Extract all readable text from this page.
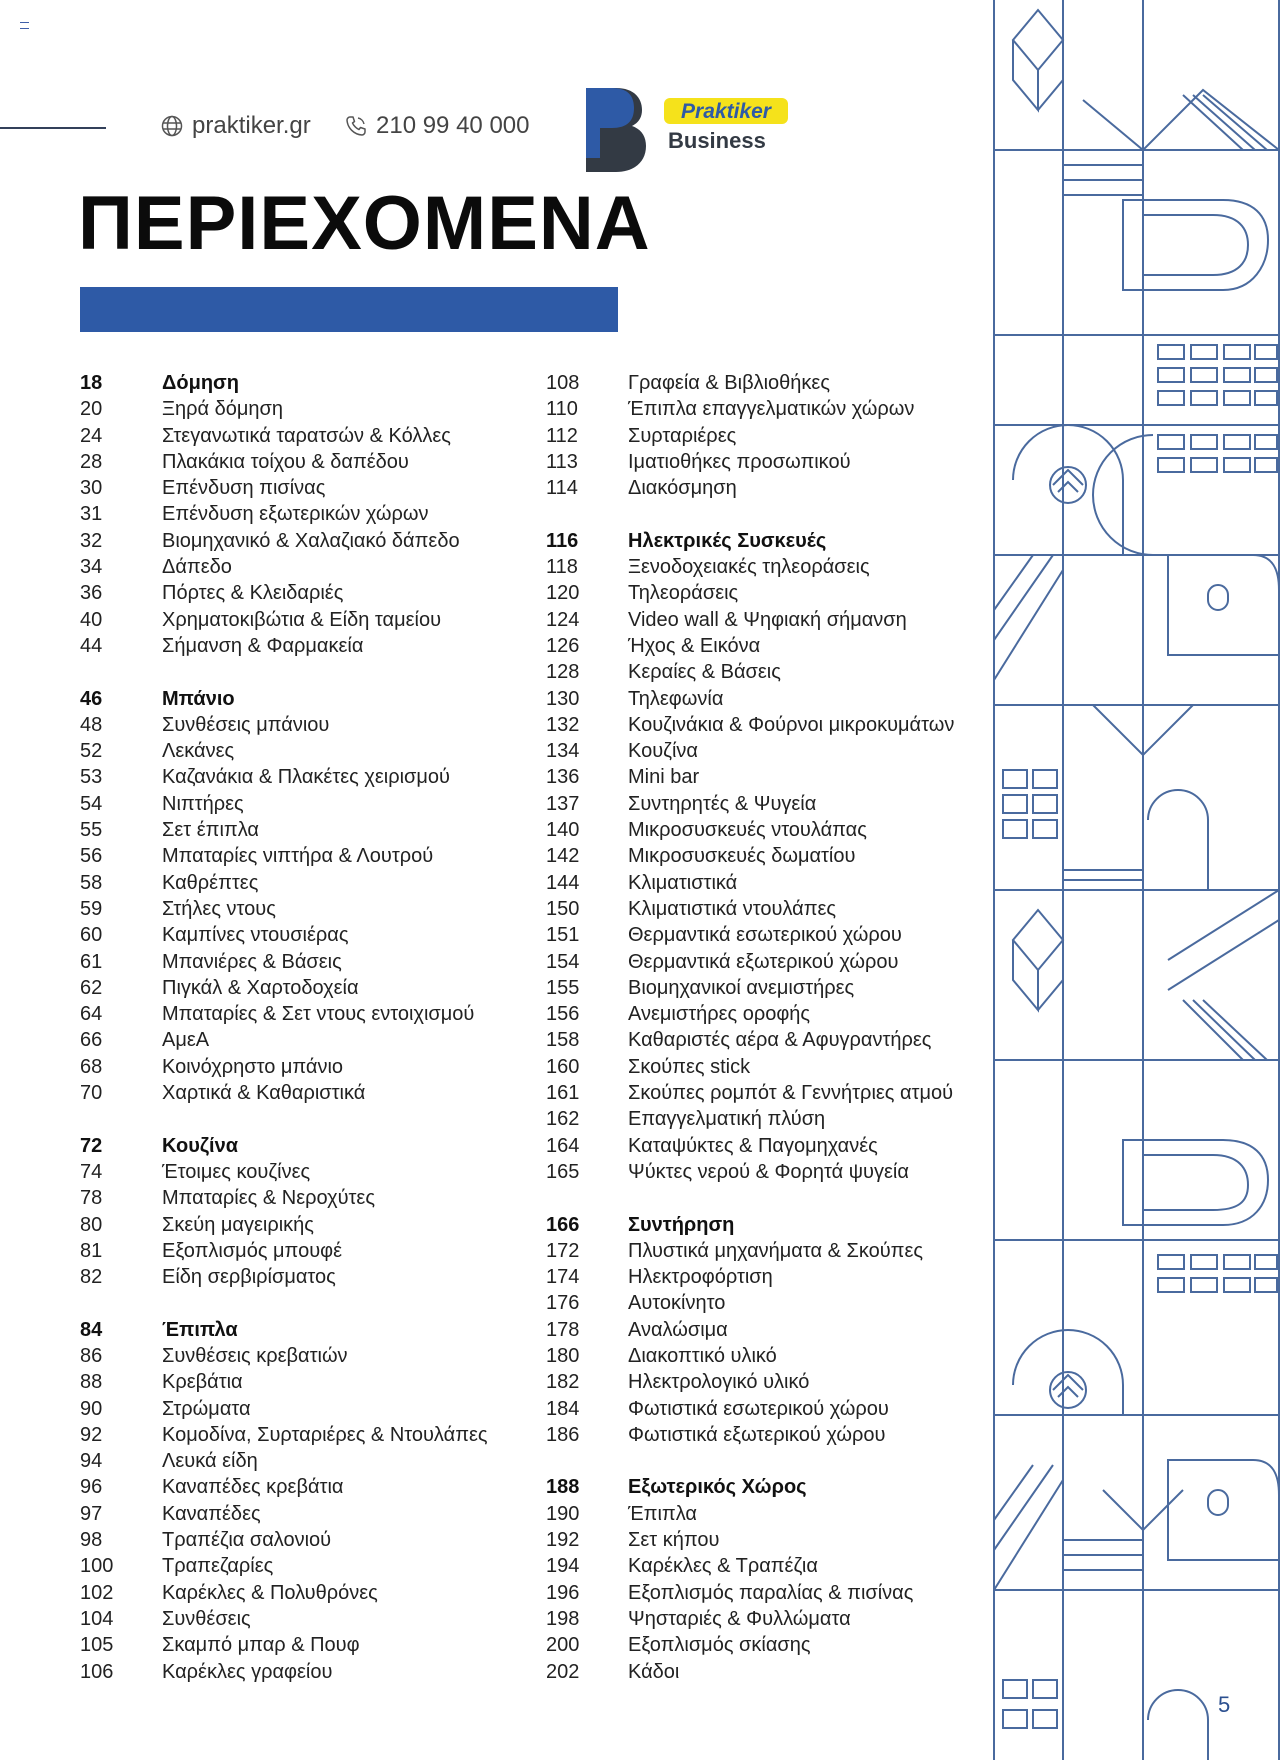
praktiker.gr	210 99 40 000
Praktiker
Business
ΠΕΡΙΕΧΟΜΕΝΑ
18	Δόμηση
20	Ξηρά δόμηση
24	Στεγανωτικά ταρατσών & Κόλλες
28	Πλακάκια τοίχου & δαπέδου
30	Επένδυση πισίνας
31	Επένδυση εξωτερικών χώρων
32	Βιομηχανικό & Χαλαζιακό δάπεδο
34	Δάπεδο
36	Πόρτες & Κλειδαριές
40	Χρηματοκιβώτια & Είδη ταμείου
44	Σήμανση & Φαρμακεία
46	Μπάνιο
48	Συνθέσεις μπάνιου
52	Λεκάνες
53	Καζανάκια & Πλακέτες χειρισμού
54	Νιπτήρες
55	Σετ έπιπλα
56	Μπαταρίες νιπτήρα & Λουτρού
58	Καθρέπτες
59	Στήλες ντους
60	Καμπίνες ντουσιέρας
61	Μπανιέρες & Βάσεις
62	Πιγκάλ & Χαρτοδοχεία
64	Μπαταρίες & Σετ ντους εντοιχισμού
66	ΑμεΑ
68	Κοινόχρηστο μπάνιο
70	Χαρτικά & Καθαριστικά
72	Κουζίνα
74	Έτοιμες κουζίνες
78	Μπαταρίες & Νεροχύτες
80	Σκεύη μαγειρικής
81	Εξοπλισμός μπουφέ
82	Είδη σερβιρίσματος
84	Έπιπλα
86	Συνθέσεις κρεβατιών
88	Κρεβάτια
90	Στρώματα
92	Κομοδίνα, Συρταριέρες & Ντουλάπες
94	Λευκά είδη
96	Καναπέδες κρεβάτια
97	Καναπέδες
98	Τραπέζια σαλονιού
100	Τραπεζαρίες
102	Καρέκλες & Πολυθρόνες
104	Συνθέσεις
105	Σκαμπό μπαρ & Πουφ
106	Καρέκλες γραφείου
108	Γραφεία & Βιβλιοθήκες
110	Έπιπλα επαγγελματικών χώρων
112	Συρταριέρες
113	Ιματιοθήκες προσωπικού
114	Διακόσμηση
116	Ηλεκτρικές Συσκευές
118	Ξενοδοχειακές τηλεοράσεις
120	Τηλεοράσεις
124	Video wall & Ψηφιακή σήμανση
126	Ήχος & Εικόνα
128	Κεραίες & Βάσεις
130	Τηλεφωνία
132	Κουζινάκια & Φούρνοι μικροκυμάτων
134	Κουζίνα
136	Mini bar
137	Συντηρητές & Ψυγεία
140	Μικροσυσκευές ντουλάπας
142	Μικροσυσκευές δωματίου
144	Κλιματιστικά
150	Κλιματιστικά ντουλάπες
151	Θερμαντικά εσωτερικού χώρου
154	Θερμαντικά εξωτερικού χώρου
155	Βιομηχανικοί ανεμιστήρες
156	Ανεμιστήρες οροφής
158	Καθαριστές αέρα & Αφυγραντήρες
160	Σκούπες stick
161	Σκούπες ρομπότ & Γεννήτριες ατμού
162	Επαγγελματική πλύση
164	Καταψύκτες & Παγομηχανές
165	Ψύκτες νερού & Φορητά ψυγεία
166	Συντήρηση
172	Πλυστικά μηχανήματα & Σκούπες
174	Ηλεκτροφόρτιση
176	Αυτοκίνητο
178	Αναλώσιμα
180	Διακοπτικό υλικό
182	Ηλεκτρολογικό υλικό
184	Φωτιστικά εσωτερικού χώρου
186	Φωτιστικά εξωτερικού χώρου
188	Εξωτερικός Χώρος
190	Έπιπλα
192	Σετ κήπου
194	Καρέκλες & Τραπέζια
196	Εξοπλισμός παραλίας & πισίνας
198	Ψησταριές & Φυλλώματα
200	Εξοπλισμός σκίασης
202	Κάδοι
5
